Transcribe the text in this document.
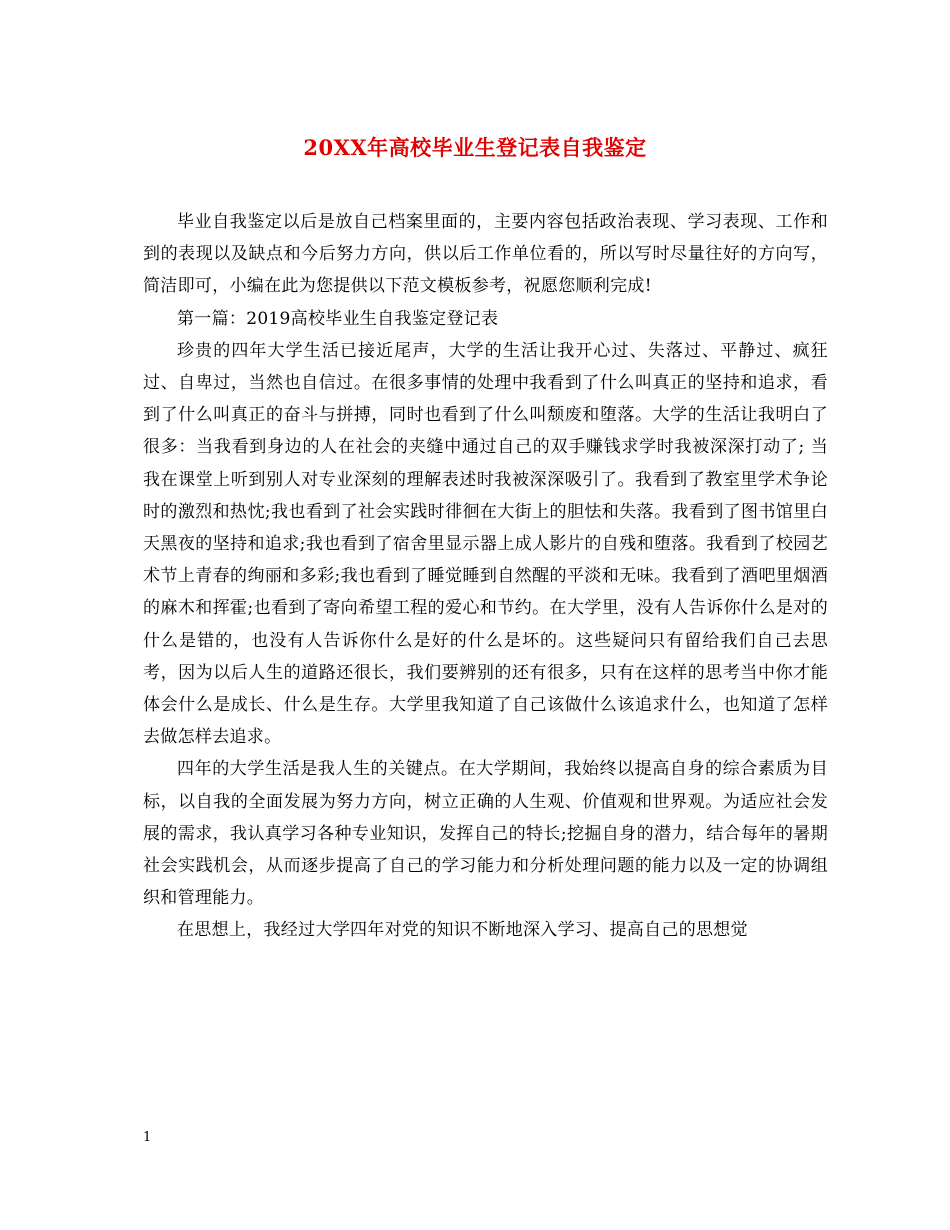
20XX年高校毕业生登记表自我鉴定

毕业自我鉴定以后是放自己档案里面的，主要内容包括政治表现、学习表现、工作和到的表现以及缺点和今后努力方向，供以后工作单位看的，所以写时尽量往好的方向写，简洁即可，小编在此为您提供以下范文模板参考，祝愿您顺利完成!

第一篇：2019高校毕业生自我鉴定登记表

珍贵的四年大学生活已接近尾声，大学的生活让我开心过、失落过、平静过、疯狂过、自卑过，当然也自信过。在很多事情的处理中我看到了什么叫真正的坚持和追求，看到了什么叫真正的奋斗与拼搏，同时也看到了什么叫颓废和堕落。大学的生活让我明白了很多：当我看到身边的人在社会的夹缝中通过自己的双手赚钱求学时我被深深打动了; 当我在课堂上听到别人对专业深刻的理解表述时我被深深吸引了。我看到了教室里学术争论时的激烈和热忱;我也看到了社会实践时徘徊在大街上的胆怯和失落。我看到了图书馆里白天黑夜的坚持和追求;我也看到了宿舍里显示器上成人影片的自残和堕落。我看到了校园艺术节上青春的绚丽和多彩;我也看到了睡觉睡到自然醒的平淡和无味。我看到了酒吧里烟酒的麻木和挥霍;也看到了寄向希望工程的爱心和节约。在大学里，没有人告诉你什么是对的什么是错的，也没有人告诉你什么是好的什么是坏的。这些疑问只有留给我们自己去思考，因为以后人生的道路还很长，我们要辨别的还有很多，只有在这样的思考当中你才能体会什么是成长、什么是生存。大学里我知道了自己该做什么该追求什么，也知道了怎样去做怎样去追求。

四年的大学生活是我人生的关键点。在大学期间，我始终以提高自身的综合素质为目标，以自我的全面发展为努力方向，树立正确的人生观、价值观和世界观。为适应社会发展的需求，我认真学习各种专业知识，发挥自己的特长;挖掘自身的潜力，结合每年的暑期社会实践机会，从而逐步提高了自己的学习能力和分析处理问题的能力以及一定的协调组织和管理能力。

在思想上，我经过大学四年对党的知识不断地深入学习、提高自己的思想觉

1
